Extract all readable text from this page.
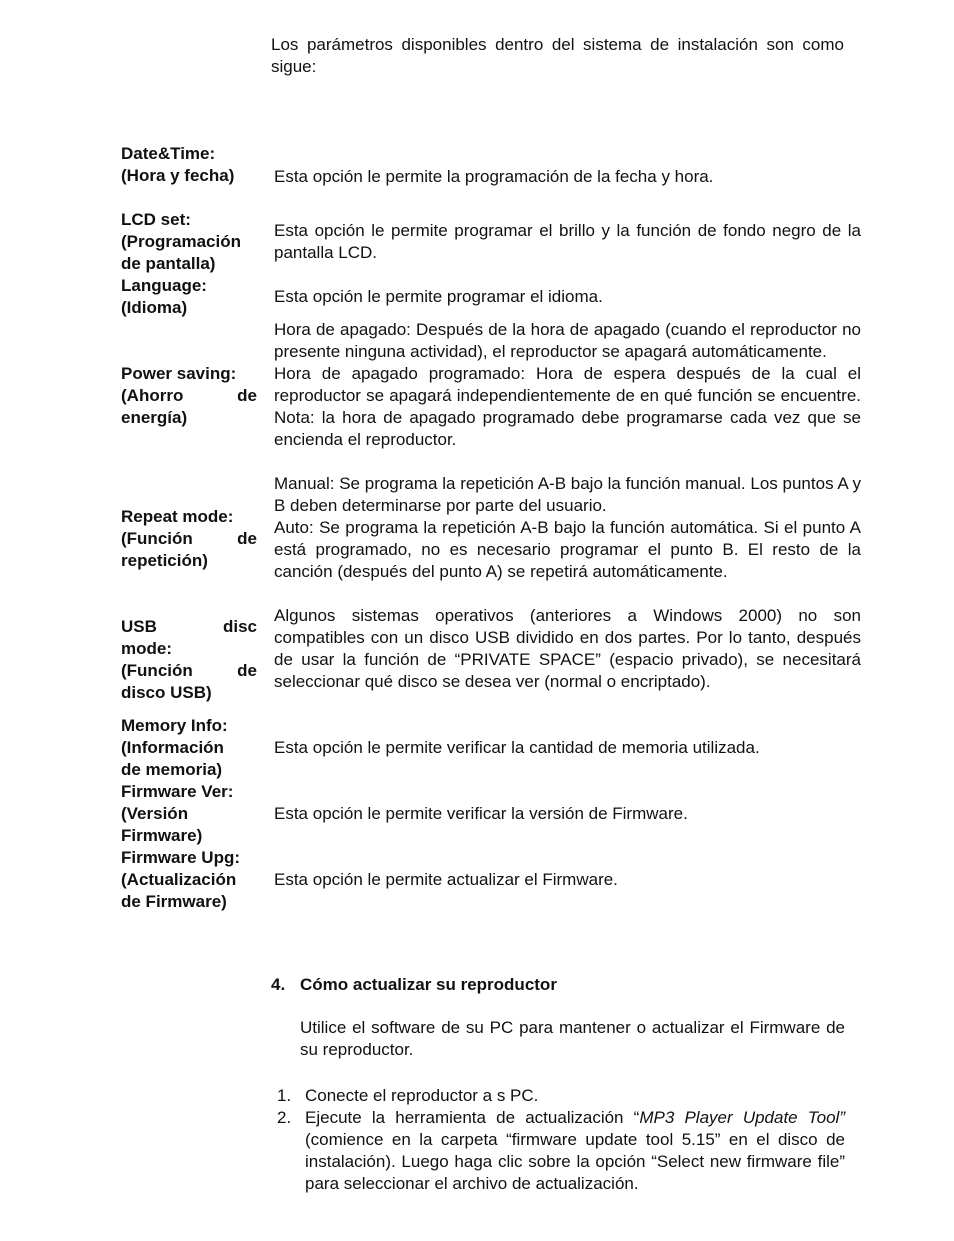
Los parámetros disponibles dentro del sistema de instalación son como sigue:
Date&Time:
(Hora y fecha)	Esta opción le permite la programación de la fecha y hora.

LCD set:
(Programación
de pantalla)

Esta opción le permite programar el brillo y la función de fondo negro de la pantalla LCD.

Language:
(Idioma)

Esta opción le permite programar el idioma.

Power saving:
(Ahorro de
energía)

Hora de apagado: Después de la hora de apagado (cuando el reproductor no presente ninguna actividad), el reproductor se apagará automáticamente.

Hora de apagado programado: Hora de espera después de la cual el reproductor se apagará independientemente de en qué función se encuentre. Nota: la hora de apagado programado debe programarse cada vez que se encienda el reproductor.

Repeat mode:
(Función de
repetición)

Manual: Se programa la repetición A-B bajo la función manual. Los puntos A y B deben determinarse por parte del usuario.

Auto: Se programa la repetición A-B bajo la función automática. Si el punto A está programado, no es necesario programar el punto B. El resto de la canción (después del punto A) se repetirá automáticamente.

USB disc
mode:
(Función de
disco USB)

Algunos sistemas operativos (anteriores a Windows 2000) no son compatibles con un disco USB dividido en dos partes. Por lo tanto, después de usar la función de “PRIVATE SPACE” (espacio privado), se necesitará seleccionar qué disco se desea ver (normal o encriptado).

Memory Info:
(Información
de memoria)

Esta opción le permite verificar la cantidad de memoria utilizada.

Firmware Ver:
(Versión
Firmware)

Esta opción le permite verificar la versión de Firmware.

Firmware Upg:
(Actualización
de Firmware)

Esta opción le permite actualizar el Firmware.

4. Cómo actualizar su reproductor
Utilice el software de su PC para mantener o actualizar el Firmware de su reproductor.
1. Conecte el reproductor a s PC.
2. Ejecute la herramienta de actualización “MP3 Player Update Tool” (comience en la carpeta “firmware update tool 5.15” en el disco de instalación). Luego haga clic sobre la opción “Select new firmware file” para seleccionar el archivo de actualización.
